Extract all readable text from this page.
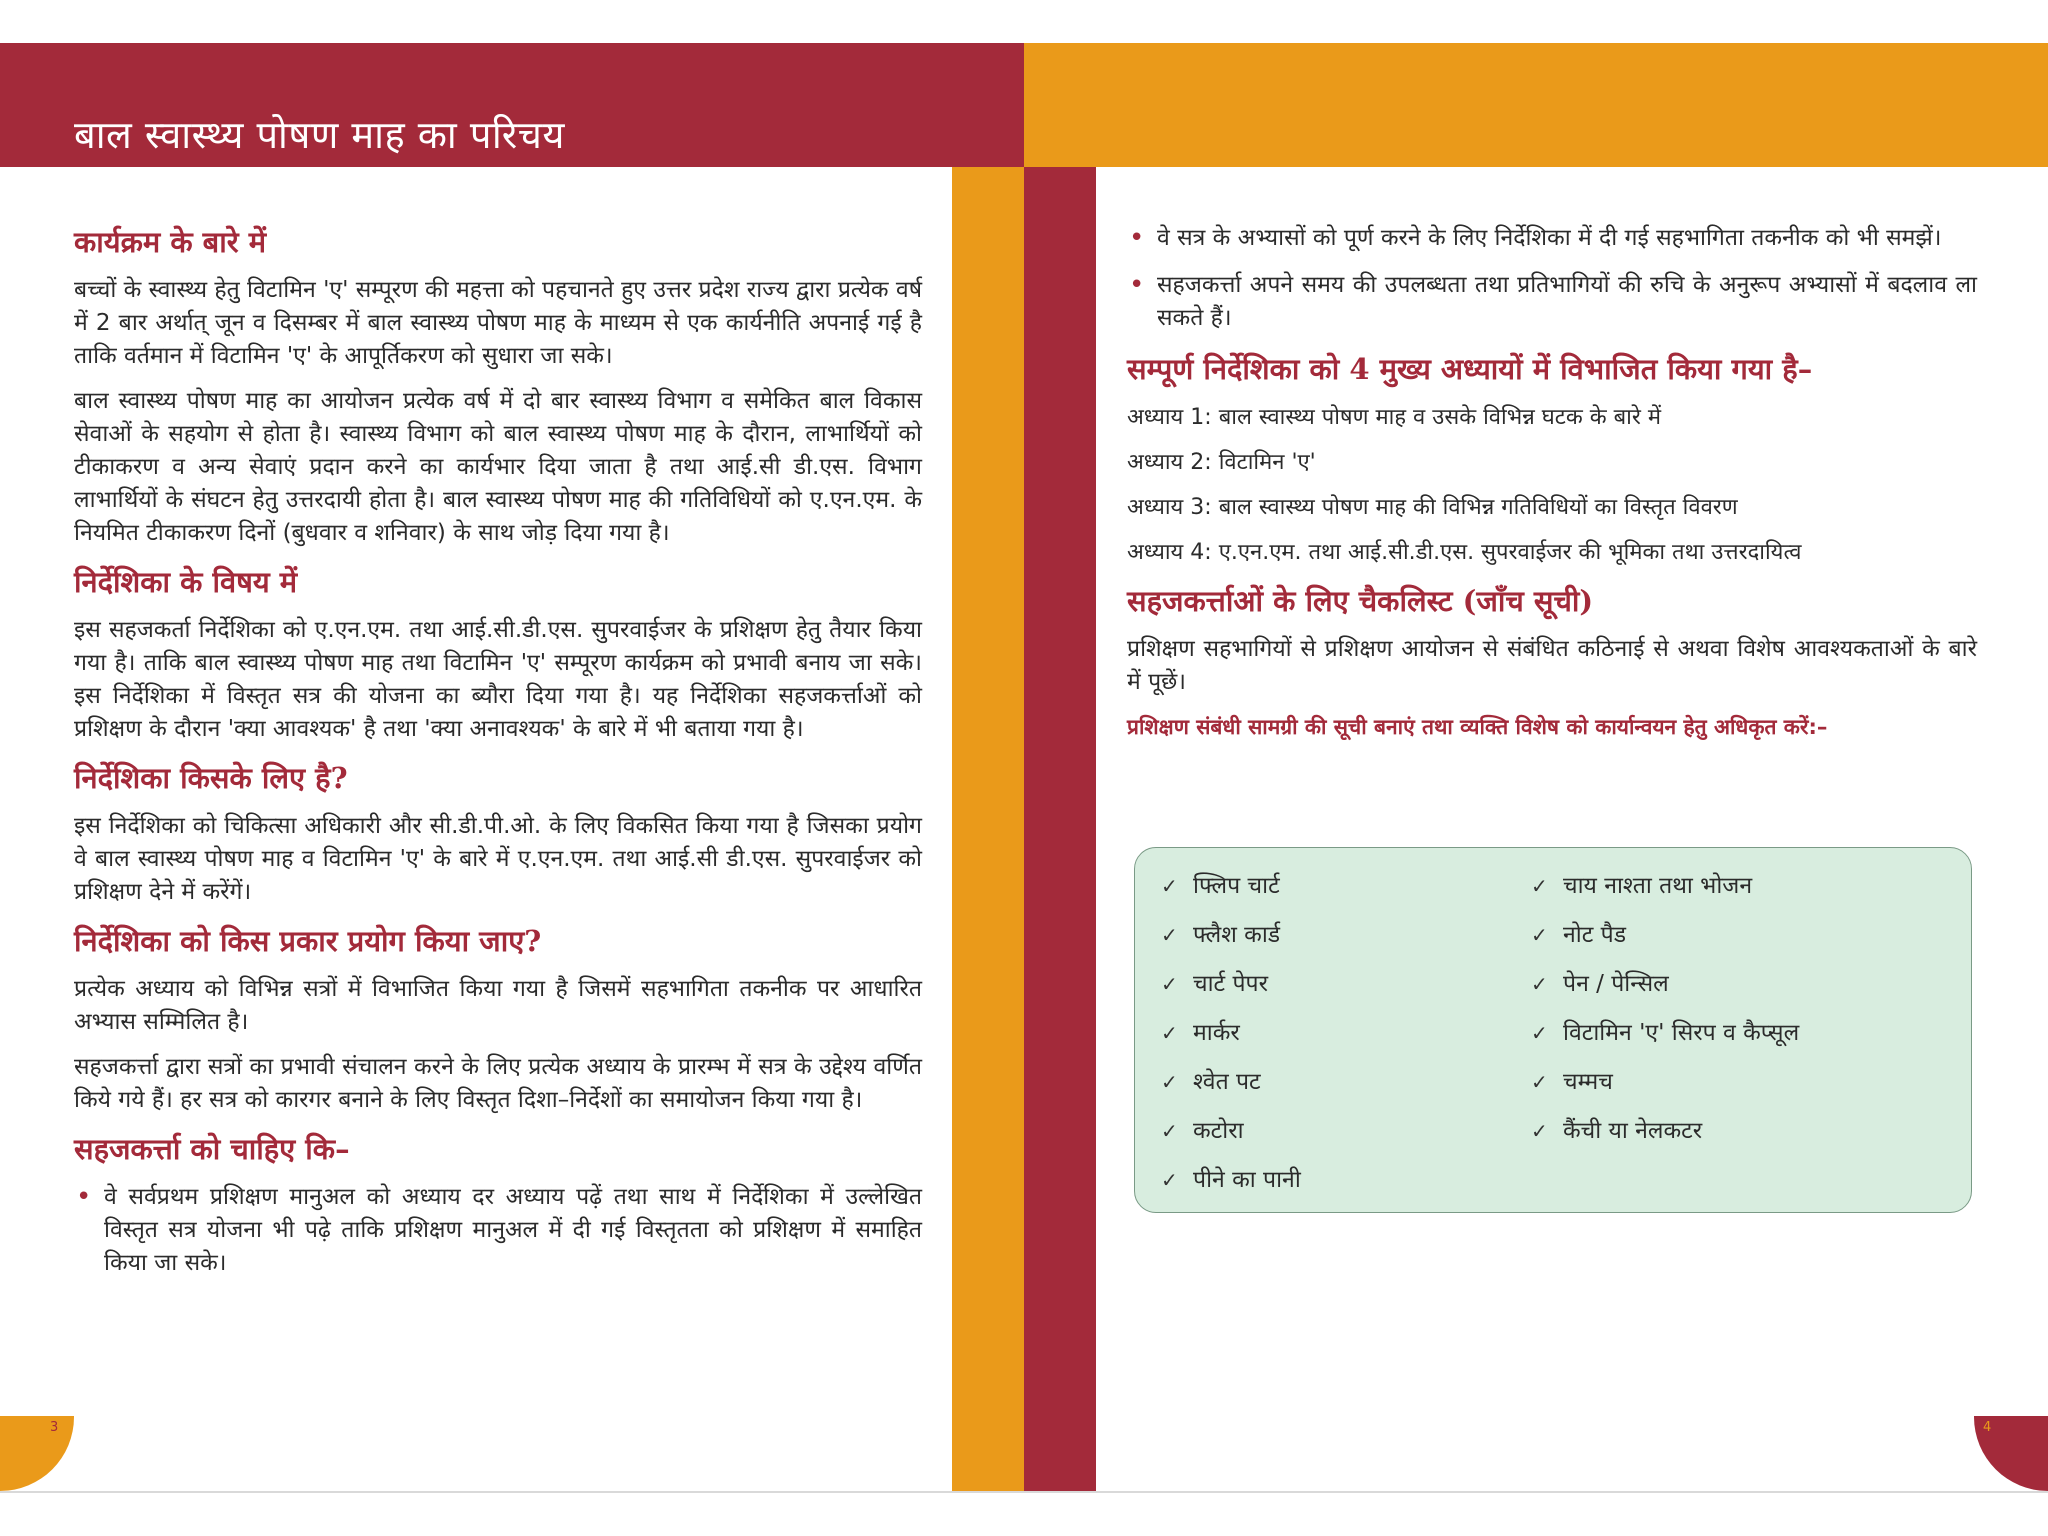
बाल स्वास्थ्य पोषण माह का परिचय
3	4
कार्यक्रम के बारे में

बच्चों के स्वास्थ्य हेतु विटामिन 'ए' सम्पूरण की महत्ता को पहचानते हुए उत्तर प्रदेश राज्य द्वारा प्रत्येक वर्ष में 2 बार अर्थात् जून व दिसम्बर में बाल स्वास्थ्य पोषण माह के माध्यम से एक कार्यनीति अपनाई गई है ताकि वर्तमान में विटामिन 'ए' के आपूर्तिकरण को सुधारा जा सके।

बाल स्वास्थ्य पोषण माह का आयोजन प्रत्येक वर्ष में दो बार स्वास्थ्य विभाग व समेकित बाल विकास सेवाओं के सहयोग से होता है। स्वास्थ्य विभाग को बाल स्वास्थ्य पोषण माह के दौरान, लाभार्थियों को टीकाकरण व अन्य सेवाएं प्रदान करने का कार्यभार दिया जाता है तथा आई.सी डी.एस. विभाग लाभार्थियों के संघटन हेतु उत्तरदायी होता है। बाल स्वास्थ्य पोषण माह की गतिविधियों को ए.एन.एम. के नियमित टीकाकरण दिनों (बुधवार व शनिवार) के साथ जोड़ दिया गया है।

निर्देशिका के विषय में

इस सहजकर्ता निर्देशिका को ए.एन.एम. तथा आई.सी.डी.एस. सुपरवाईजर के प्रशिक्षण हेतु तैयार किया गया है। ताकि बाल स्वास्थ्य पोषण माह तथा विटामिन 'ए' सम्पूरण कार्यक्रम को प्रभावी बनाय जा सके। इस निर्देशिका में विस्तृत सत्र की योजना का ब्यौरा दिया गया है। यह निर्देशिका सहजकर्त्ताओं को प्रशिक्षण के दौरान 'क्या आवश्यक' है तथा 'क्या अनावश्यक' के बारे में भी बताया गया है।

निर्देशिका किसके लिए है?

इस निर्देशिका को चिकित्सा अधिकारी और सी.डी.पी.ओ. के लिए विकसित किया गया है जिसका प्रयोग वे बाल स्वास्थ्य पोषण माह व विटामिन 'ए' के बारे में ए.एन.एम. तथा आई.सी डी.एस. सुपरवाईजर को प्रशिक्षण देने में करेंगें।

निर्देशिका को किस प्रकार प्रयोग किया जाए?

प्रत्येक अध्याय को विभिन्न सत्रों में विभाजित किया गया है जिसमें सहभागिता तकनीक पर आधारित अभ्यास सम्मिलित है।

सहजकर्त्ता द्वारा सत्रों का प्रभावी संचालन करने के लिए प्रत्येक अध्याय के प्रारम्भ में सत्र के उद्देश्य वर्णित किये गये हैं। हर सत्र को कारगर बनाने के लिए विस्तृत दिशा–निर्देशों का समायोजन किया गया है।

सहजकर्त्ता को चाहिए कि–
• वे सर्वप्रथम प्रशिक्षण मानुअल को अध्याय दर अध्याय पढ़ें तथा साथ में निर्देशिका में उल्लेखित विस्तृत सत्र योजना भी पढ़े ताकि प्रशिक्षण मानुअल में दी गई विस्तृतता को प्रशिक्षण में समाहित किया जा सके।
• वे सत्र के अभ्यासों को पूर्ण करने के लिए निर्देशिका में दी गई सहभागिता तकनीक को भी समझें।
• सहजकर्त्ता अपने समय की उपलब्धता तथा प्रतिभागियों की रुचि के अनुरूप अभ्यासों में बदलाव ला सकते हैं।
सम्पूर्ण निर्देशिका को 4 मुख्य अध्यायों में विभाजित किया गया है–

अध्याय 1: बाल स्वास्थ्य पोषण माह व उसके विभिन्न घटक के बारे में

अध्याय 2: विटामिन 'ए'

अध्याय 3: बाल स्वास्थ्य पोषण माह की विभिन्न गतिविधियों का विस्तृत विवरण

अध्याय 4: ए.एन.एम. तथा आई.सी.डी.एस. सुपरवाईजर की भूमिका तथा उत्तरदायित्व

सहजकर्त्ताओं के लिए चैकलिस्ट (जाँच सूची)

प्रशिक्षण सहभागियों से प्रशिक्षण आयोजन से संबंधित कठिनाई से अथवा विशेष आवश्यकताओं के बारे में पूछें।

प्रशिक्षण संबंधी सामग्री की सूची बनाएं तथा व्यक्ति विशेष को कार्यान्वयन हेतु अधिकृत करें:–

✓ फ्लिप चार्ट
✓ फ्लैश कार्ड
✓ चार्ट पेपर
✓ मार्कर
✓ श्वेत पट
✓ कटोरा
✓ पीने का पानी
✓ चाय नाश्ता तथा भोजन
✓ नोट पैड
✓ पेन / पेन्सिल
✓ विटामिन 'ए' सिरप व कैप्सूल
✓ चम्मच
✓ कैंची या नेलकटर
